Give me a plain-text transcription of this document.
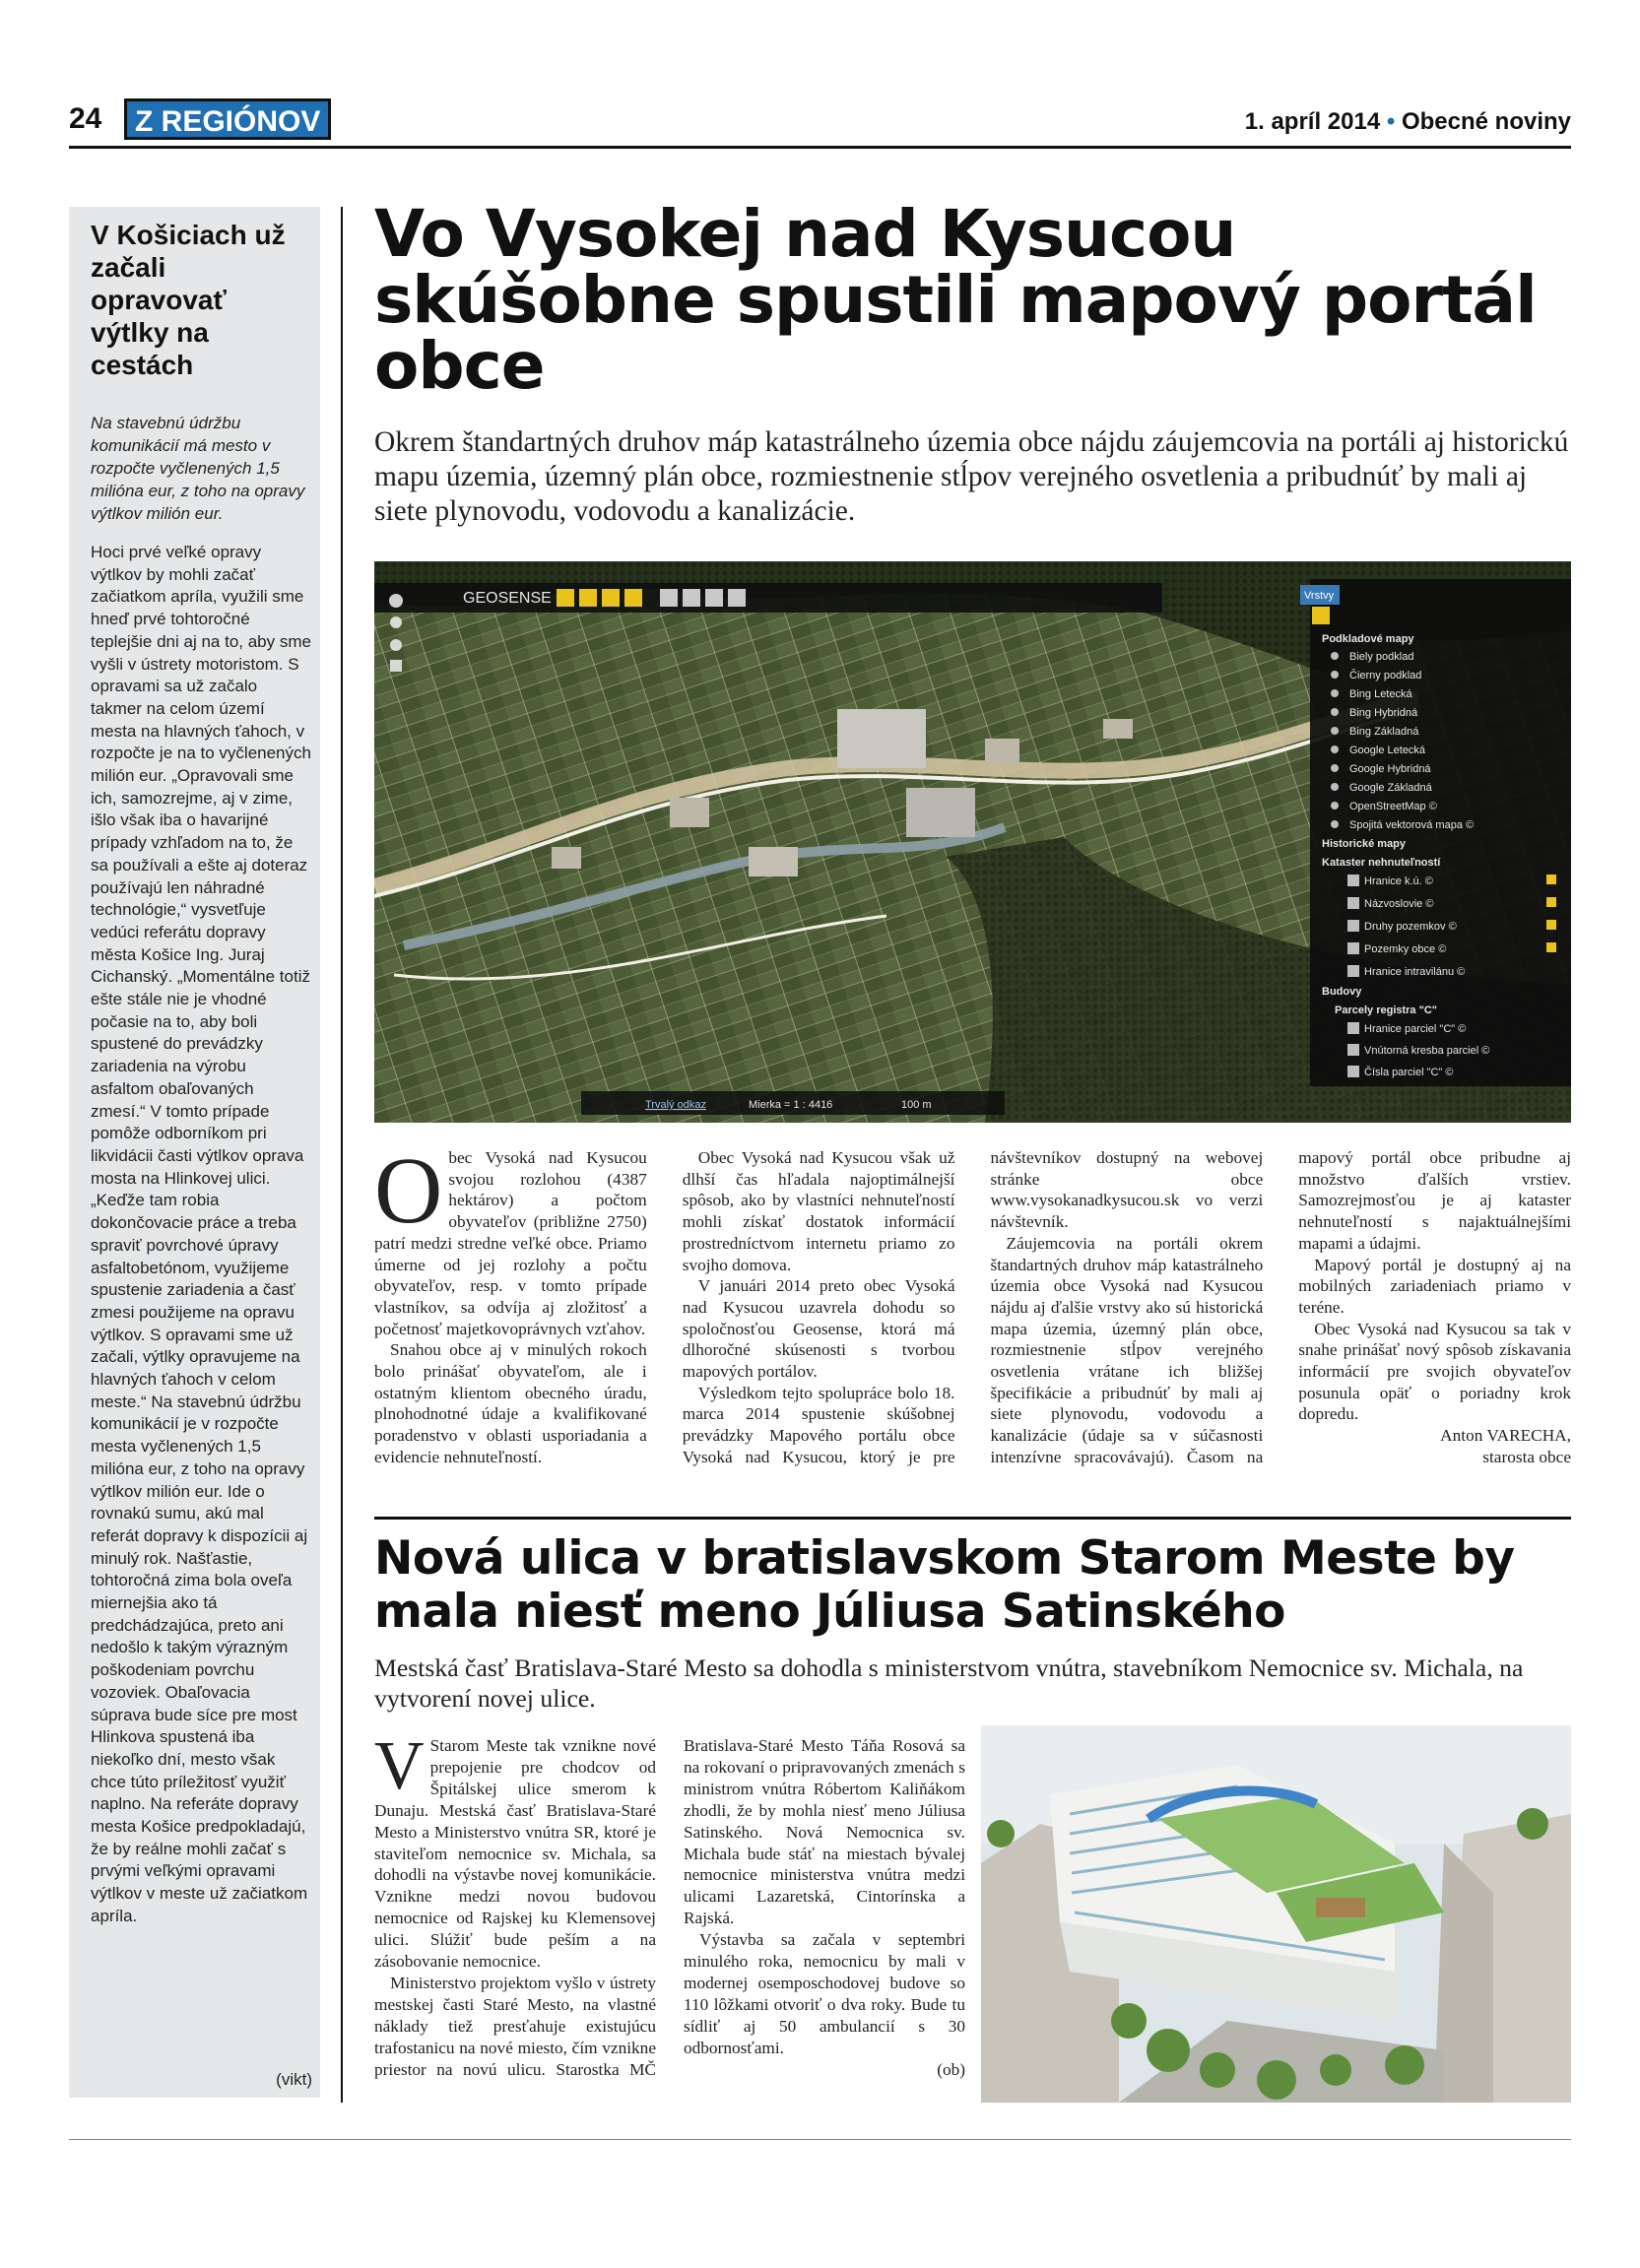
24	Z REGIÓNOV	1. apríl 2014 • Obecné noviny
V Košiciach už začali opravovať výtlky na cestách
Na stavebnú údržbu komunikácií má mesto v rozpočte vyčlenených 1,5 milióna eur, z toho na opravy výtlkov milión eur.
Hoci prvé veľké opravy výtlkov by mohli začať začiatkom apríla, využili sme hneď prvé tohtoročné teplejšie dni aj na to, aby sme vyšli v ústrety motoristom. S opravami sa už začalo takmer na celom území mesta na hlavných ťahoch, v rozpočte je na to vyčlenených milión eur. „Opravovali sme ich, samozrejme, aj v zime, išlo však iba o havarijné prípady vzhľadom na to, že sa používali a ešte aj doteraz používajú len náhradné technológie,“ vysvetľuje vedúci referátu dopravy města Košice Ing. Juraj Cichanský. „Momentálne totiž ešte stále nie je vhodné počasie na to, aby boli spustené do prevádzky zariadenia na výrobu asfaltom obaľovaných zmesí.“ V tomto prípade pomôže odborníkom pri likvidácii časti výtlkov oprava mosta na Hlinkovej ulici. „Keďže tam robia dokončovacie práce a treba spraviť povrchové úpravy asfaltobetónom, využijeme spustenie zariadenia a časť zmesi použijeme na opravu výtlkov. S opravami sme už začali, výtlky opravujeme na hlavných ťahoch v celom meste.“ Na stavebnú údržbu komunikácií je v rozpočte mesta vyčlenených 1,5 milióna eur, z toho na opravy výtlkov milión eur. Ide o rovnakú sumu, akú mal referát dopravy k dispozícii aj minulý rok. Našťastie, tohtoročná zima bola oveľa miernejšia ako tá predchádzajúca, preto ani nedošlo k takým výrazným poškodeniam povrchu vozoviek. Obaľovacia súprava bude síce pre most Hlinkova spustená iba niekoľko dní, mesto však chce túto príležitosť využiť naplno. Na referáte dopravy mesta Košice predpokladajú, že by reálne mohli začať s prvými veľkými opravami výtlkov v meste už začiatkom apríla.
(vikt)
Vo Vysokej nad Kysucou skúšobne spustili mapový portál obce
Okrem štandartných druhov máp katastrálneho územia obce nájdu záujemcovia na portáli aj historickú mapu územia, územný plán obce, rozmiestnenie stĺpov verejného osvetlenia a pribudnúť by mali aj siete plynovodu, vodovodu a kanalizácie.
GEOSENSE	Vrstvy
Podkladové mapy
Biely podklad
Čierny podklad
Bing Letecká
Bing Hybridná
Bing Základná
Google Letecká
Google Hybridná
Google Základná
OpenStreetMap ©
Spojitá vektorová mapa ©
Historické mapy
Kataster nehnuteľností
Hranice k.ú. ©
Názvoslovie ©
Druhy pozemkov ©
Pozemky obce ©
Hranice intravilánu ©
Budovy
Parcely registra "C"
Hranice parciel "C" ©
Vnútorná kresba parciel ©
Čísla parciel "C" ©
Trvalý odkaz	Mierka = 1 : 4416	100 m

Obec Vysoká nad Kysucou svojou rozlohou (4387 hektárov) a počtom obyvateľov (približne 2750) patrí medzi stredne veľké obce. Priamo úmerne od jej rozlohy a počtu obyvateľov, resp. v tomto prípade vlastníkov, sa odvíja aj zložitosť a početnosť majetkovoprávnych vzťahov.

Snahou obce aj v minulých rokoch bolo prinášať obyvateľom, ale i ostatným klientom obecného úradu, plnohodnotné údaje a kvalifikované poradenstvo v oblasti usporiadania a evidencie nehnuteľností.

Obec Vysoká nad Kysucou však už dlhší čas hľadala najoptimálnejší spôsob, ako by vlastníci nehnuteľností mohli získať dostatok informácií prostredníctvom internetu priamo zo svojho domova.

V januári 2014 preto obec Vysoká nad Kysucou uzavrela dohodu so spoločnosťou Geosense, ktorá má dlhoročné skúsenosti s tvorbou mapových portálov.

Výsledkom tejto spolupráce bolo 18. marca 2014 spustenie skúšobnej prevádzky Mapového portálu obce Vysoká nad Kysucou, ktorý je pre návštevníkov dostupný na webovej stránke obce www.vysokanadkysucou.sk vo verzi návštevník.

Záujemcovia na portáli okrem štandartných druhov máp katastrálneho územia obce Vysoká nad Kysucou nájdu aj ďalšie vrstvy ako sú historická mapa územia, územný plán obce, rozmiestnenie stĺpov verejného osvetlenia vrátane ich bližšej špecifikácie a pribudnúť by mali aj siete plynovodu, vodovodu a kanalizácie (údaje sa v súčasnosti intenzívne spracovávajú). Časom na mapový portál obce pribudne aj množstvo ďalších vrstiev. Samozrejmosťou je aj kataster nehnuteľností s najaktuálnejšími mapami a údajmi.

Mapový portál je dostupný aj na mobilných zariadeniach priamo v teréne.

Obec Vysoká nad Kysucou sa tak v snahe prinášať nový spôsob získavania informácií pre svojich obyvateľov posunula opäť o poriadny krok dopredu.

Anton VARECHA,

starosta obce

Nová ulica v bratislavskom Starom Meste by mala niesť meno Júliusa Satinského
Mestská časť Bratislava-Staré Mesto sa dohodla s ministerstvom vnútra, stavebníkom Nemocnice sv. Michala, na vytvorení novej ulice.

V Starom Meste tak vznikne nové prepojenie pre chodcov od Špitálskej ulice smerom k Dunaju. Mestská časť Bratislava-Staré Mesto a Ministerstvo vnútra SR, ktoré je staviteľom nemocnice sv. Michala, sa dohodli na výstavbe novej komunikácie. Vznikne medzi novou budovou nemocnice od Rajskej ku Klemensovej ulici. Slúžiť bude peším a na zásobovanie nemocnice.

Ministerstvo projektom vyšlo v ústrety mestskej časti Staré Mesto, na vlastné náklady tiež presťahuje existujúcu trafostanicu na nové miesto, čím vznikne priestor na novú ulicu. Starostka MČ Bratislava-Staré Mesto Táňa Rosová sa na rokovaní o pripravovaných zmenách s ministrom vnútra Róbertom Kaliňákom zhodli, že by mohla niesť meno Júliusa Satinského. Nová Nemocnica sv. Michala bude stáť na miestach bývalej nemocnice ministerstva vnútra medzi ulicami Lazaretská, Cintorínska a Rajská.

Výstavba sa začala v septembri minulého roka, nemocnicu by mali v modernej osemposchodovej budove so 110 lôžkami otvoriť o dva roky. Bude tu sídliť aj 50 ambulancií s 30 odbornosťami.

(ob)
